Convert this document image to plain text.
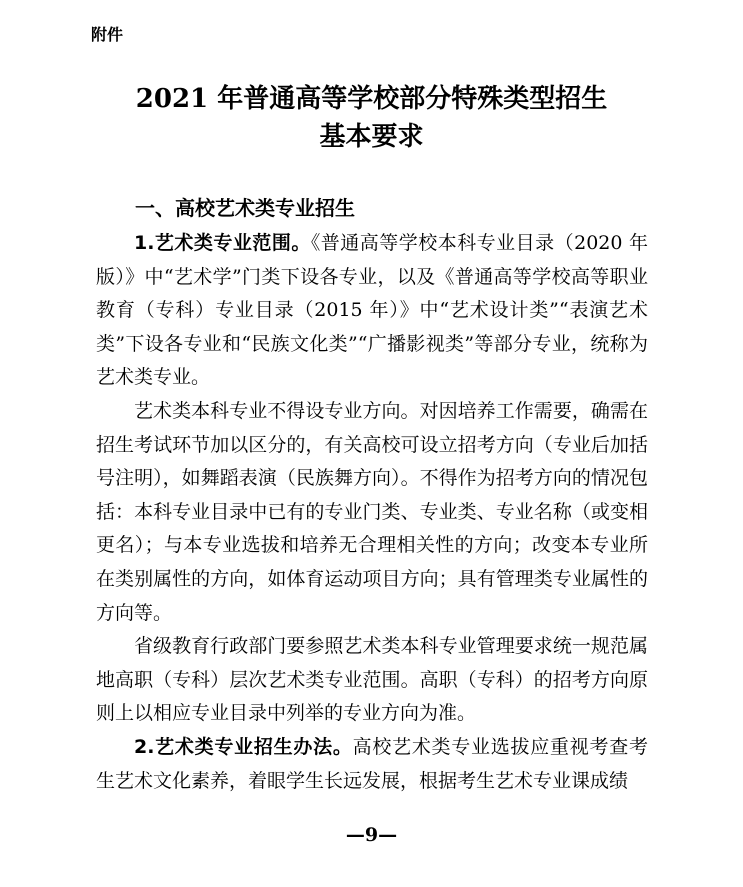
附件
2021 年普通高等学校部分特殊类型招生
基本要求
一、高校艺术类专业招生

1.艺术类专业范围。《普通高等学校本科专业目录（2020 年版）》中“艺术学”门类下设各专业，以及《普通高等学校高等职业教育（专科）专业目录（2015 年）》中“艺术设计类”“表演艺术类”下设各专业和“民族文化类”“广播影视类”等部分专业，统称为艺术类专业。

艺术类本科专业不得设专业方向。对因培养工作需要，确需在招生考试环节加以区分的，有关高校可设立招考方向（专业后加括号注明），如舞蹈表演（民族舞方向）。不得作为招考方向的情况包括：本科专业目录中已有的专业门类、专业类、专业名称（或变相更名）；与本专业选拔和培养无合理相关性的方向；改变本专业所在类别属性的方向，如体育运动项目方向；具有管理类专业属性的方向等。

省级教育行政部门要参照艺术类本科专业管理要求统一规范属地高职（专科）层次艺术类专业范围。高职（专科）的招考方向原则上以相应专业目录中列举的专业方向为准。

2.艺术类专业招生办法。高校艺术类专业选拔应重视考查考生艺术文化素养，着眼学生长远发展，根据考生艺术专业课成绩

—9—
